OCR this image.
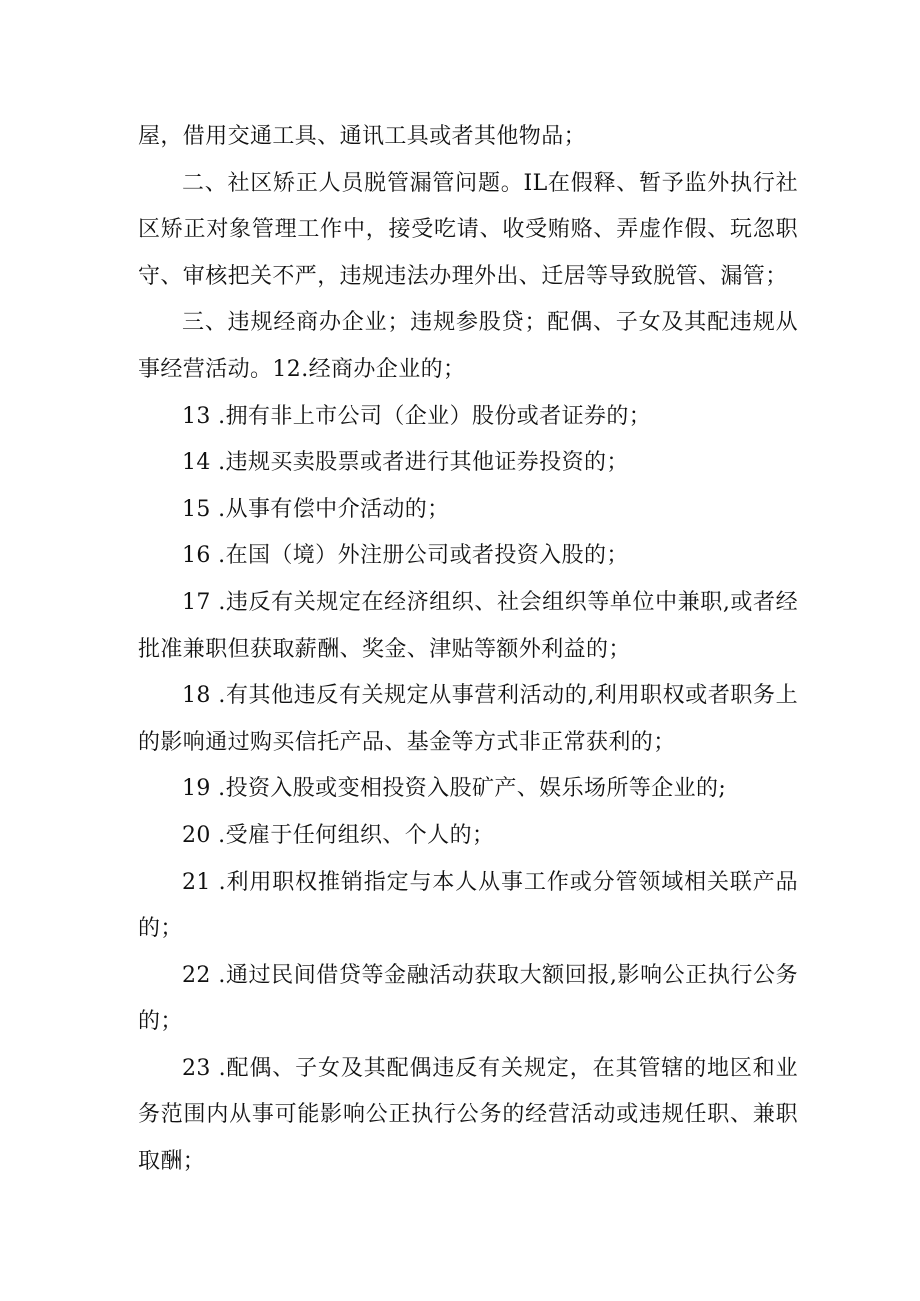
屋，借用交通工具、通讯工具或者其他物品；

二、社区矫正人员脱管漏管问题。IL在假释、暂予监外执行社区矫正对象管理工作中，接受吃请、收受贿赂、弄虚作假、玩忽职守、审核把关不严，违规违法办理外出、迁居等导致脱管、漏管；

三、违规经商办企业；违规参股贷；配偶、子女及其配违规从事经营活动。12.经商办企业的；

13 .拥有非上市公司（企业）股份或者证券的；

14 .违规买卖股票或者进行其他证券投资的；

15 .从事有偿中介活动的；

16 .在国（境）外注册公司或者投资入股的；

17 .违反有关规定在经济组织、社会组织等单位中兼职,或者经批准兼职但获取薪酬、奖金、津贴等额外利益的；

18 .有其他违反有关规定从事营利活动的,利用职权或者职务上的影响通过购买信托产品、基金等方式非正常获利的；

19 .投资入股或变相投资入股矿产、娱乐场所等企业的;

20 .受雇于任何组织、个人的；

21 .利用职权推销指定与本人从事工作或分管领域相关联产品的；

22 .通过民间借贷等金融活动获取大额回报,影响公正执行公务的；

23 .配偶、子女及其配偶违反有关规定，在其管辖的地区和业务范围内从事可能影响公正执行公务的经营活动或违规任职、兼职取酬；
